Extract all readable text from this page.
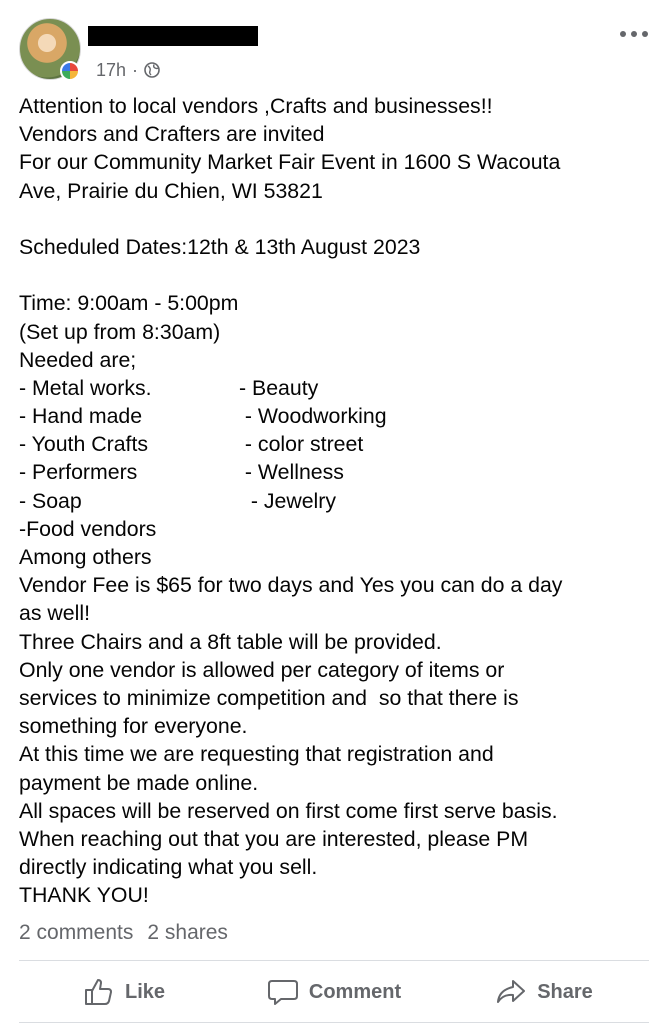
17h ·
Attention to local vendors ,Crafts and businesses!!
Vendors and Crafters are invited
For our Community Market Fair Event in 1600 S Wacouta
Ave, Prairie du Chien, WI 53821
Scheduled Dates:12th & 13th August 2023
Time: 9:00am - 5:00pm
(Set up from 8:30am)
Needed are;
- Metal works.	- Beauty
- Hand made	- Woodworking
- Youth Crafts	- color street
- Performers	- Wellness
- Soap	- Jewelry
-Food vendors
Among others
Vendor Fee is $65 for two days and Yes you can do a day
as well!
Three Chairs and a 8ft table will be provided.
Only one vendor is allowed per category of items or
services to minimize competition and  so that there is
something for everyone.
At this time we are requesting that registration and
payment be made online.
All spaces will be reserved on first come first serve basis.
When reaching out that you are interested, please PM
directly indicating what you sell.
THANK YOU!
2 comments 2 shares
Like	Comment	Share
